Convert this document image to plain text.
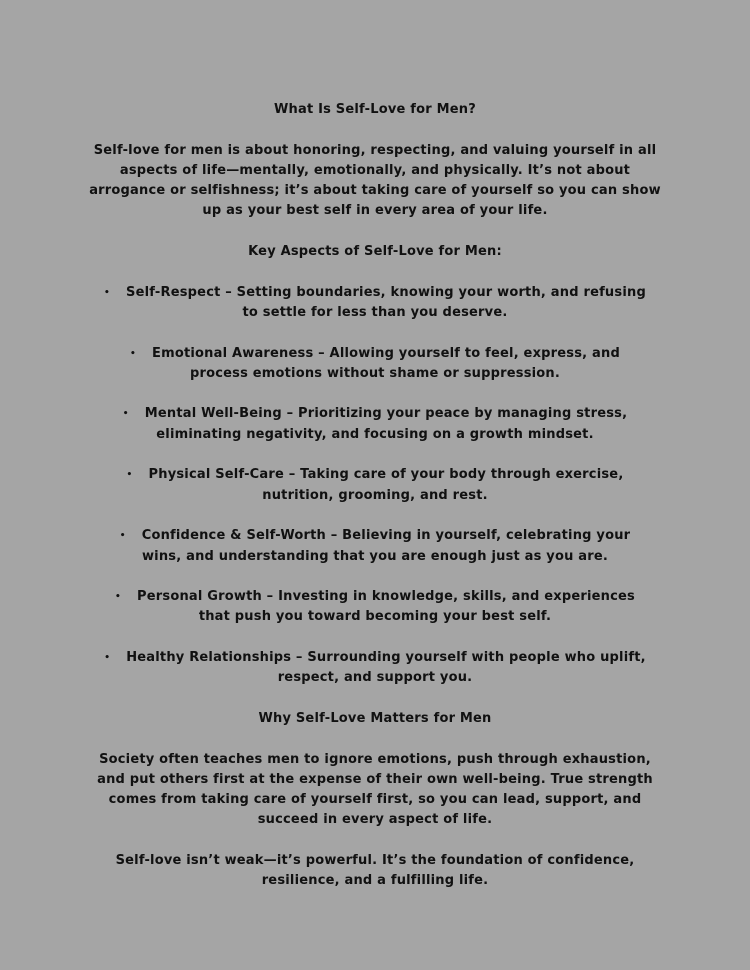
What Is Self-Love for Men?
Self-love for men is about honoring, respecting, and valuing yourself in all aspects of life—mentally, emotionally, and physically. It’s not about arrogance or selfishness; it’s about taking care of yourself so you can show up as your best self in every area of your life.
Key Aspects of Self-Love for Men:
• Self-Respect – Setting boundaries, knowing your worth, and refusing to settle for less than you deserve.
• Emotional Awareness – Allowing yourself to feel, express, and process emotions without shame or suppression.
• Mental Well-Being – Prioritizing your peace by managing stress, eliminating negativity, and focusing on a growth mindset.
• Physical Self-Care – Taking care of your body through exercise, nutrition, grooming, and rest.
• Confidence & Self-Worth – Believing in yourself, celebrating your wins, and understanding that you are enough just as you are.
• Personal Growth – Investing in knowledge, skills, and experiences that push you toward becoming your best self.
• Healthy Relationships – Surrounding yourself with people who uplift, respect, and support you.
Why Self-Love Matters for Men
Society often teaches men to ignore emotions, push through exhaustion, and put others first at the expense of their own well-being. True strength comes from taking care of yourself first, so you can lead, support, and succeed in every aspect of life.
Self-love isn’t weak—it’s powerful. It’s the foundation of confidence, resilience, and a fulfilling life.
